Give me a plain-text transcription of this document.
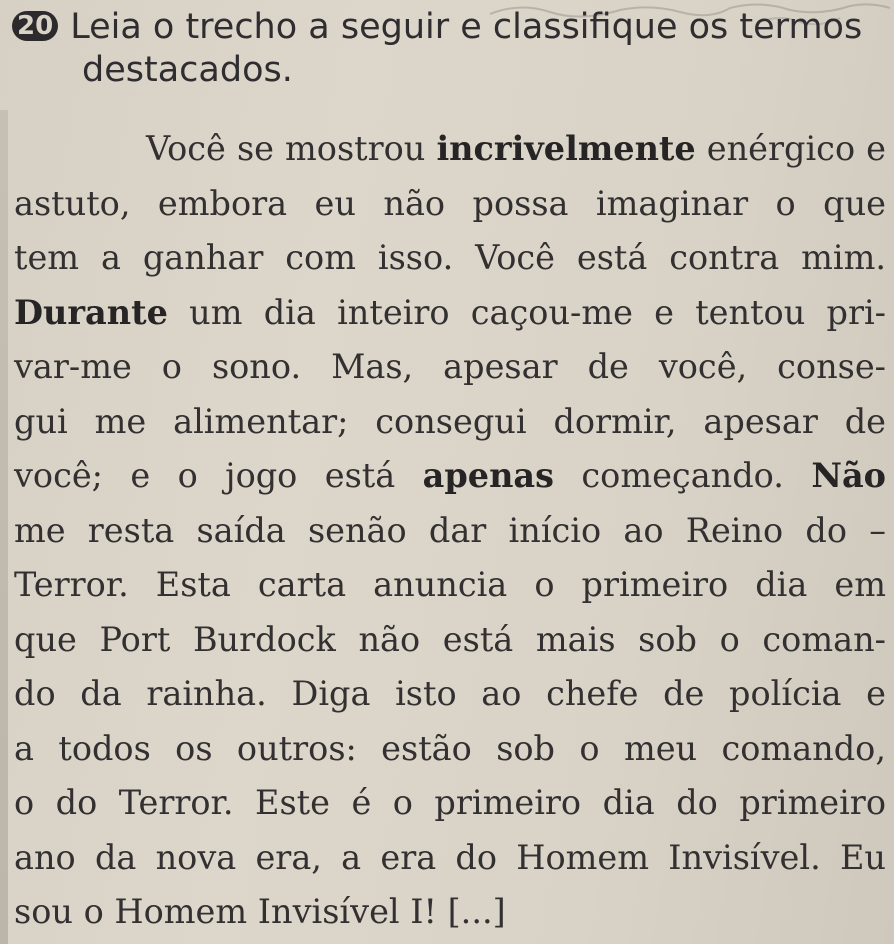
20 Leia o trecho a seguir e classifique os termos
destacados.
Você se mostrou incrivelmente enérgico e
astuto, embora eu não possa imaginar o que
tem a ganhar com isso. Você está contra mim.
Durante um dia inteiro caçou-me e tentou pri-
var-me o sono. Mas, apesar de você, conse-
gui me alimentar; consegui dormir, apesar de
você; e o jogo está apenas começando. Não
me resta saída senão dar início ao Reino do –
Terror. Esta carta anuncia o primeiro dia em
que Port Burdock não está mais sob o coman-
do da rainha. Diga isto ao chefe de polícia e
a todos os outros: estão sob o meu comando,
o do Terror. Este é o primeiro dia do primeiro
ano da nova era, a era do Homem Invisível. Eu
sou o Homem Invisível I! [...]
